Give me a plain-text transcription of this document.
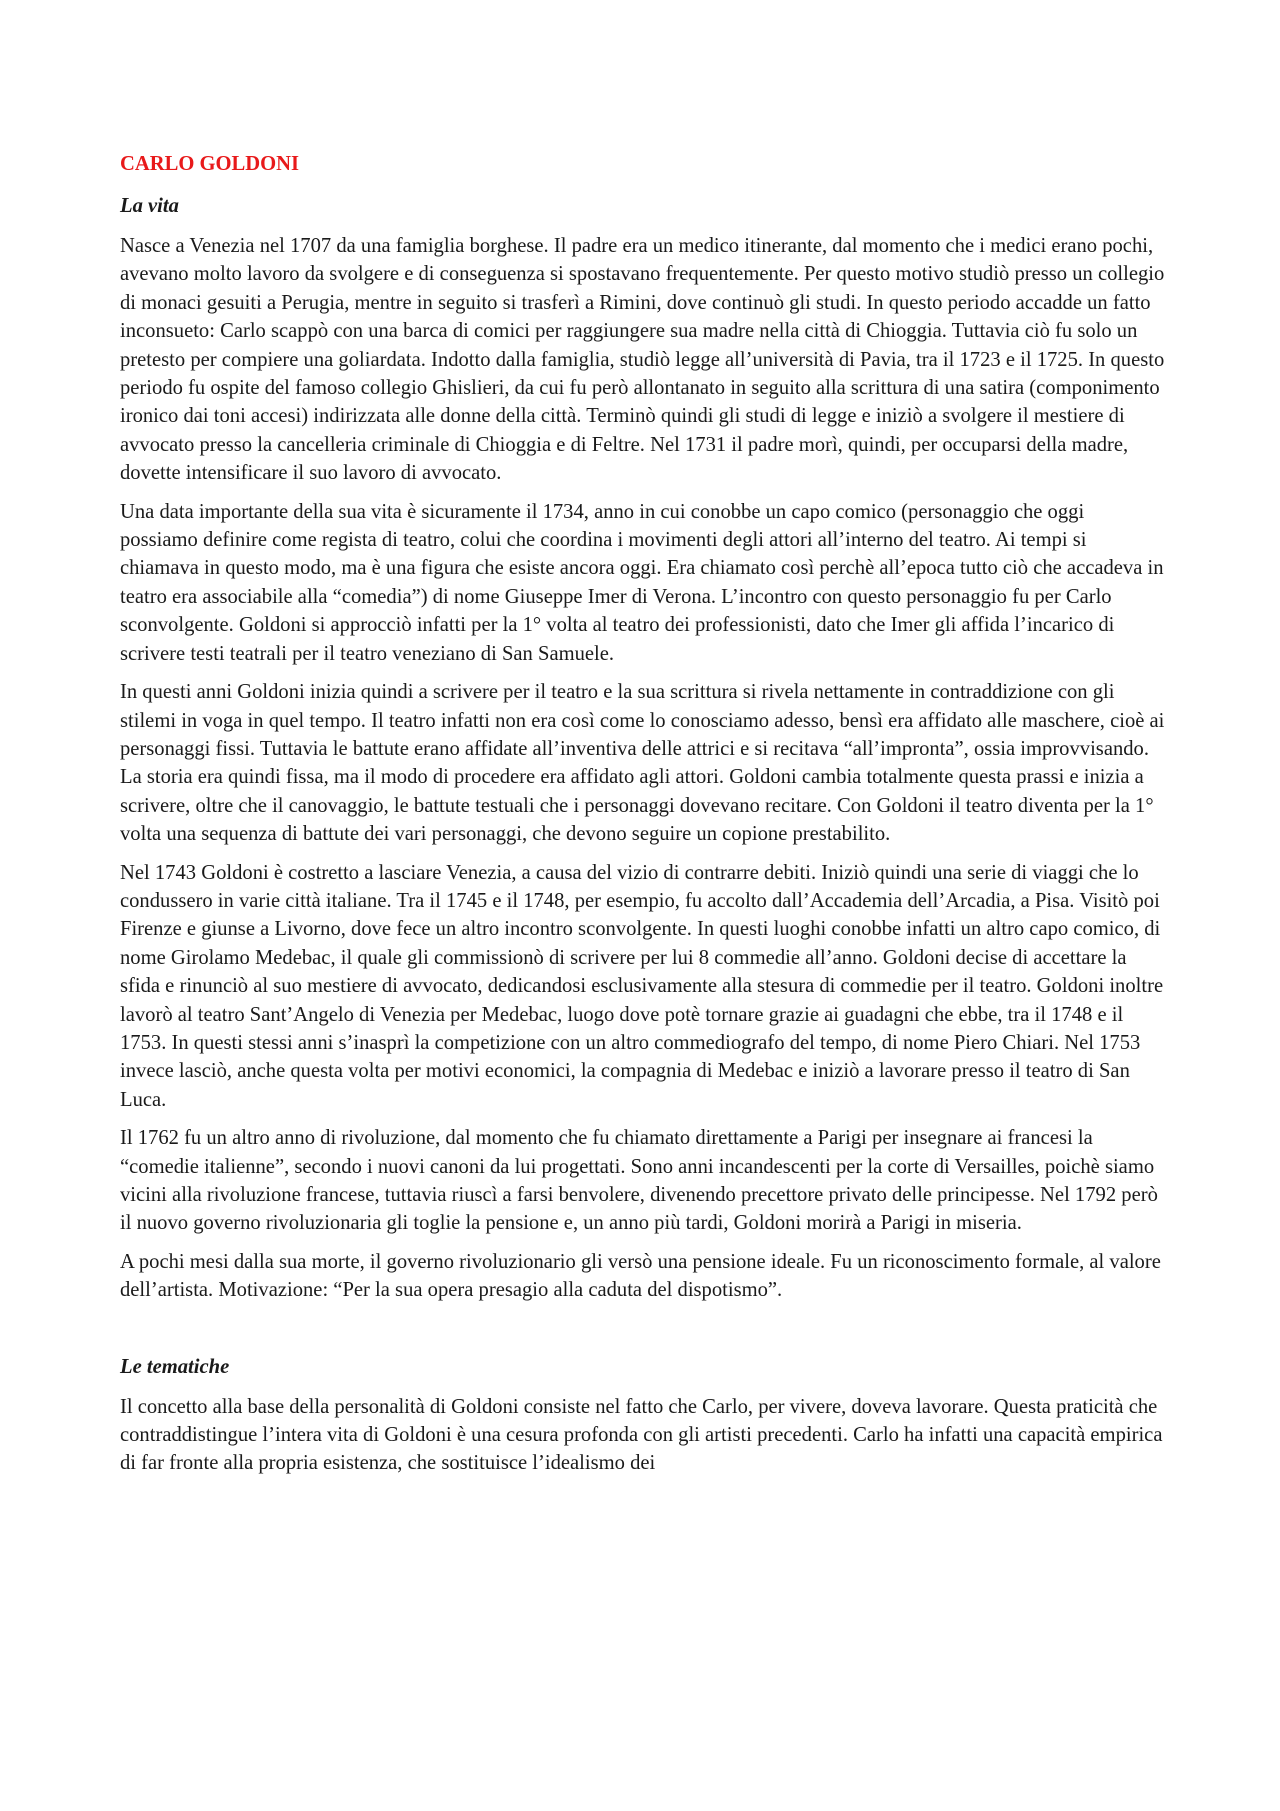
CARLO GOLDONI
La vita

Nasce a Venezia nel 1707 da una famiglia borghese. Il padre era un medico itinerante, dal momento che i medici erano pochi, avevano molto lavoro da svolgere e di conseguenza si spostavano frequentemente. Per questo motivo studiò presso un collegio di monaci gesuiti a Perugia, mentre in seguito si trasferì a Rimini, dove continuò gli studi. In questo periodo accadde un fatto inconsueto: Carlo scappò con una barca di comici per raggiungere sua madre nella città di Chioggia. Tuttavia ciò fu solo un pretesto per compiere una goliardata. Indotto dalla famiglia, studiò legge all’università di Pavia, tra il 1723 e il 1725. In questo periodo fu ospite del famoso collegio Ghislieri, da cui fu però allontanato in seguito alla scrittura di una satira (componimento ironico dai toni accesi) indirizzata alle donne della città. Terminò quindi gli studi di legge e iniziò a svolgere il mestiere di avvocato presso la cancelleria criminale di Chioggia e di Feltre. Nel 1731 il padre morì, quindi, per occuparsi della madre, dovette intensificare il suo lavoro di avvocato.

Una data importante della sua vita è sicuramente il 1734, anno in cui conobbe un capo comico (personaggio che oggi possiamo definire come regista di teatro, colui che coordina i movimenti degli attori all’interno del teatro. Ai tempi si chiamava in questo modo, ma è una figura che esiste ancora oggi. Era chiamato così perchè all’epoca tutto ciò che accadeva in teatro era associabile alla “comedia”) di nome Giuseppe Imer di Verona. L’incontro con questo personaggio fu per Carlo sconvolgente. Goldoni si approcciò infatti per la 1° volta al teatro dei professionisti, dato che Imer gli affida l’incarico di scrivere testi teatrali per il teatro veneziano di San Samuele.

In questi anni Goldoni inizia quindi a scrivere per il teatro e la sua scrittura si rivela nettamente in contraddizione con gli stilemi in voga in quel tempo. Il teatro infatti non era così come lo conosciamo adesso, bensì era affidato alle maschere, cioè ai personaggi fissi. Tuttavia le battute erano affidate all’inventiva delle attrici e si recitava “all’impronta”, ossia improvvisando. La storia era quindi fissa, ma il modo di procedere era affidato agli attori. Goldoni cambia totalmente questa prassi e inizia a scrivere, oltre che il canovaggio, le battute testuali che i personaggi dovevano recitare. Con Goldoni il teatro diventa per la 1° volta una sequenza di battute dei vari personaggi, che devono seguire un copione prestabilito.

Nel 1743 Goldoni è costretto a lasciare Venezia, a causa del vizio di contrarre debiti. Iniziò quindi una serie di viaggi che lo condussero in varie città italiane. Tra il 1745 e il 1748, per esempio, fu accolto dall’Accademia dell’Arcadia, a Pisa. Visitò poi Firenze e giunse a Livorno, dove fece un altro incontro sconvolgente. In questi luoghi conobbe infatti un altro capo comico, di nome Girolamo Medebac, il quale gli commissionò di scrivere per lui 8 commedie all’anno. Goldoni decise di accettare la sfida e rinunciò al suo mestiere di avvocato, dedicandosi esclusivamente alla stesura di commedie per il teatro. Goldoni inoltre lavorò al teatro Sant’Angelo di Venezia per Medebac, luogo dove potè tornare grazie ai guadagni che ebbe, tra il 1748 e il 1753. In questi stessi anni s’inasprì la competizione con un altro commediografo del tempo, di nome Piero Chiari. Nel 1753 invece lasciò, anche questa volta per motivi economici, la compagnia di Medebac e iniziò a lavorare presso il teatro di San Luca.

Il 1762 fu un altro anno di rivoluzione, dal momento che fu chiamato direttamente a Parigi per insegnare ai francesi la “comedie italienne”, secondo i nuovi canoni da lui progettati. Sono anni incandescenti per la corte di Versailles, poichè siamo vicini alla rivoluzione francese, tuttavia riuscì a farsi benvolere, divenendo precettore privato delle principesse. Nel 1792 però il nuovo governo rivoluzionaria gli toglie la pensione e, un anno più tardi, Goldoni morirà a Parigi in miseria.

A pochi mesi dalla sua morte, il governo rivoluzionario gli versò una pensione ideale. Fu un riconoscimento formale, al valore dell’artista. Motivazione: “Per la sua opera presagio alla caduta del dispotismo”.

Le tematiche

Il concetto alla base della personalità di Goldoni consiste nel fatto che Carlo, per vivere, doveva lavorare. Questa praticità che contraddistingue l’intera vita di Goldoni è una cesura profonda con gli artisti precedenti. Carlo ha infatti una capacità empirica di far fronte alla propria esistenza, che sostituisce l’idealismo dei
